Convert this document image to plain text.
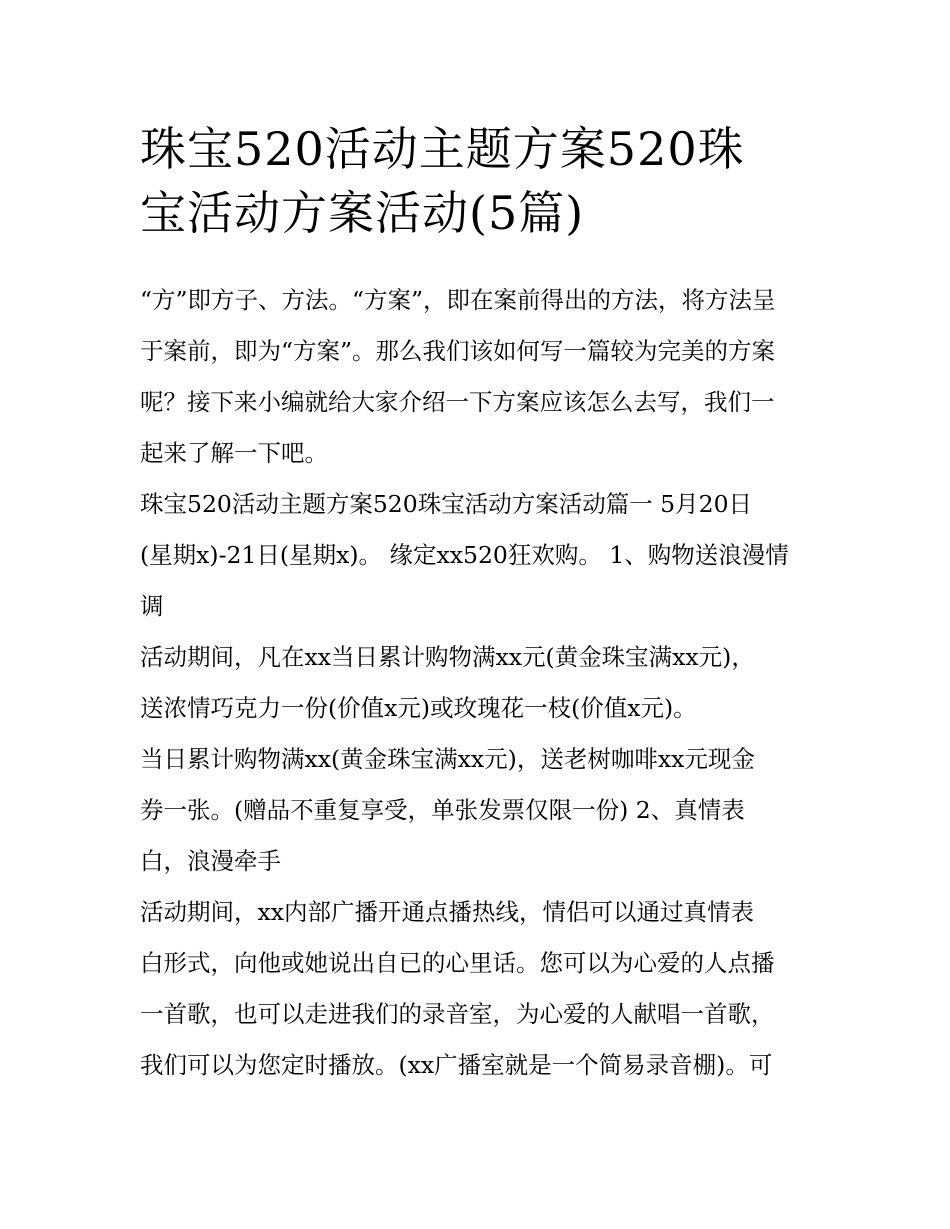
珠宝520活动主题方案520珠
宝活动方案活动(5篇)
“方”即方子、方法。“方案”，即在案前得出的方法，将方法呈
于案前，即为“方案”。那么我们该如何写一篇较为完美的方案
呢？接下来小编就给大家介绍一下方案应该怎么去写，我们一
起来了解一下吧。
珠宝520活动主题方案520珠宝活动方案活动篇一 5月20日
(星期x)-21日(星期x)。 缘定xx520狂欢购。 1、购物送浪漫情
调
活动期间，凡在xx当日累计购物满xx元(黄金珠宝满xx元)，
送浓情巧克力一份(价值x元)或玫瑰花一枝(价值x元)。
当日累计购物满xx(黄金珠宝满xx元)，送老树咖啡xx元现金
券一张。(赠品不重复享受，单张发票仅限一份) 2、真情表
白，浪漫牵手
活动期间，xx内部广播开通点播热线，情侣可以通过真情表
白形式，向他或她说出自已的心里话。您可以为心爱的人点播
一首歌，也可以走进我们的录音室，为心爱的人献唱一首歌，
我们可以为您定时播放。(xx广播室就是一个简易录音棚)。可
